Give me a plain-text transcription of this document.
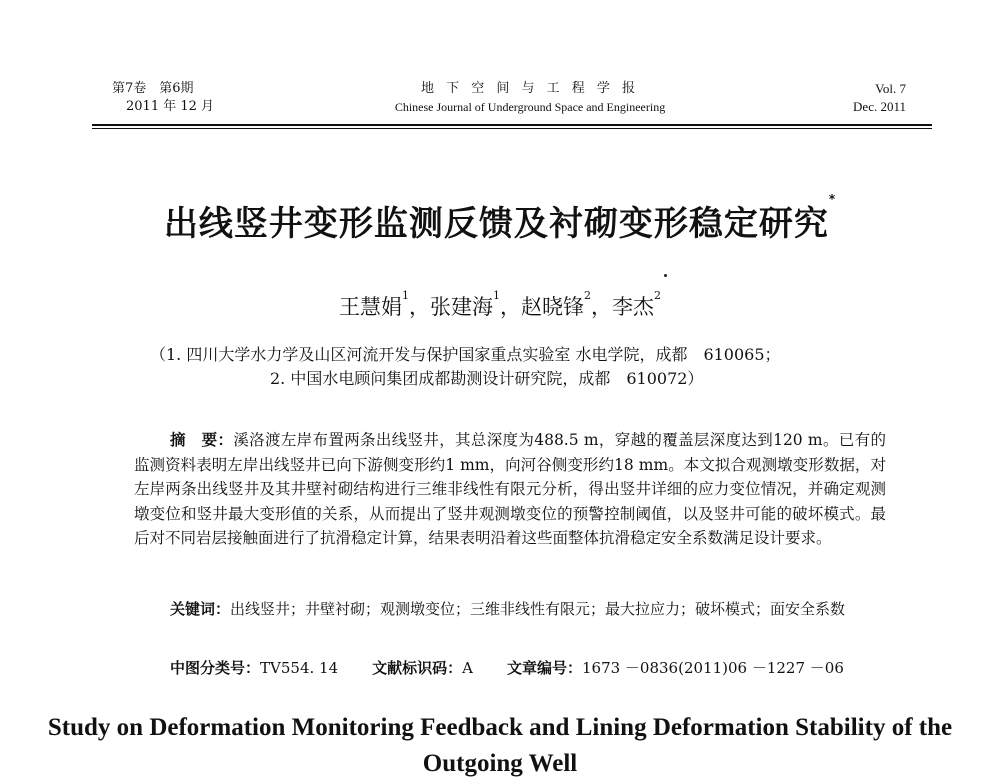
第7卷　第6期
2011 年 12 月
地 下 空 间 与 工 程 学 报
Chinese Journal of Underground Space and Engineering
Vol. 7
Dec. 2011
出线竖井变形监测反馈及衬砌变形稳定研究*
王慧娟$^1$，张建海$^1$，赵晓锋$^2$，李杰$^2$
（1. 四川大学水力学及山区河流开发与保护国家重点实验室 水电学院，成都　610065；
2. 中国水电顾问集团成都勘测设计研究院，成都　610072）
摘　要：溪洛渡左岸布置两条出线竖井，其总深度为488.5 m，穿越的覆盖层深度达到120 m。已有的监测资料表明左岸出线竖井已向下游侧变形约1 mm，向河谷侧变形约18 mm。本文拟合观测墩变形数据，对左岸两条出线竖井及其井壁衬砌结构进行三维非线性有限元分析，得出竖井详细的应力变位情况，并确定观测墩变位和竖井最大变形值的关系，从而提出了竖井观测墩变位的预警控制阈值，以及竖井可能的破坏模式。最后对不同岩层接触面进行了抗滑稳定计算，结果表明沿着这些面整体抗滑稳定安全系数满足设计要求。
关键词：出线竖井；井壁衬砌；观测墩变位；三维非线性有限元；最大拉应力；破坏模式；面安全系数
中图分类号：TV554. 14 文献标识码：A 文章编号：1673 －0836(2011)06 －1227 －06
Study on Deformation Monitoring Feedback and Lining Deformation Stability of the Outgoing Well
